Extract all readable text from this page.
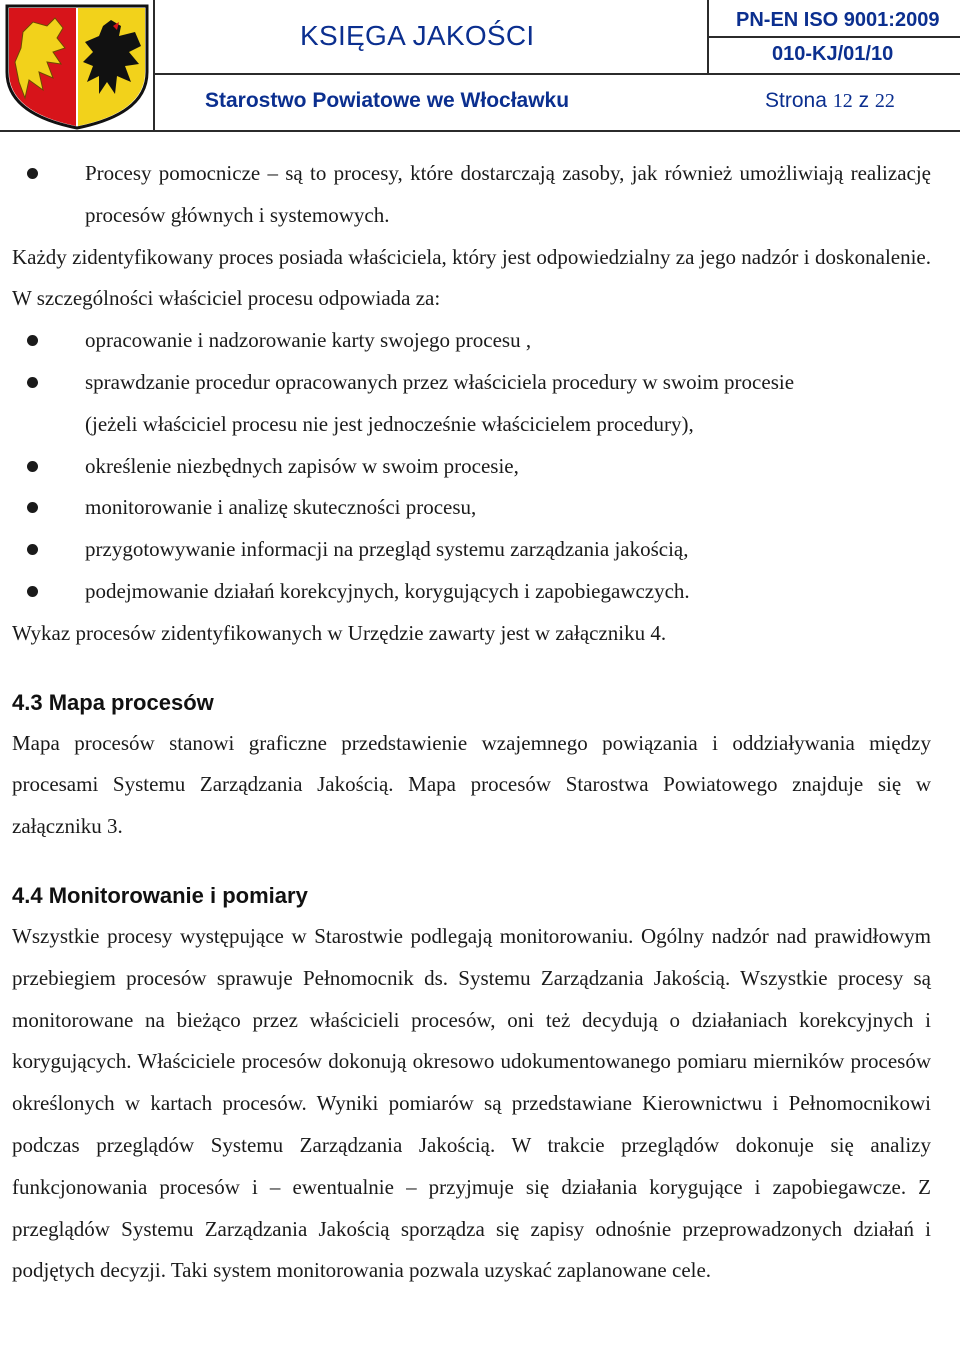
KSIĘGA JAKOŚCI	PN-EN ISO 9001:2009
010-KJ/01/10
Starostwo Powiatowe we Włocławku	Strona 12 z 22

Procesy pomocnicze – są to procesy, które dostarczają zasoby, jak również umożliwiają realizację procesów głównych i systemowych.

Każdy zidentyfikowany proces posiada właściciela, który jest odpowiedzialny za jego nadzór i doskonalenie. W szczególności właściciel procesu odpowiada za:

opracowanie i nadzorowanie karty swojego procesu ,

sprawdzanie procedur opracowanych przez właściciela procedury w swoim procesie

(jeżeli właściciel procesu nie jest jednocześnie właścicielem procedury),

określenie niezbędnych zapisów w swoim procesie,

monitorowanie i analizę skuteczności procesu,

przygotowywanie informacji na przegląd systemu zarządzania jakością,

podejmowanie działań korekcyjnych, korygujących i zapobiegawczych.

Wykaz procesów zidentyfikowanych w Urzędzie zawarty jest w załączniku 4.

4.3 Mapa procesów

Mapa procesów stanowi graficzne przedstawienie wzajemnego powiązania i oddziaływania między procesami Systemu Zarządzania Jakością. Mapa procesów Starostwa Powiatowego znajduje się w załączniku 3.

4.4 Monitorowanie i pomiary

Wszystkie procesy występujące w Starostwie podlegają monitorowaniu. Ogólny nadzór nad prawidłowym przebiegiem procesów sprawuje Pełnomocnik ds. Systemu Zarządzania Jakością. Wszystkie procesy są monitorowane na bieżąco przez właścicieli procesów, oni też decydują o działaniach korekcyjnych i korygujących. Właściciele procesów dokonują okresowo udokumentowanego pomiaru mierników procesów określonych w kartach procesów. Wyniki pomiarów są przedstawiane Kierownictwu i Pełnomocnikowi podczas przeglądów Systemu Zarządzania Jakością. W trakcie przeglądów dokonuje się analizy funkcjonowania procesów i – ewentualnie – przyjmuje się działania korygujące i zapobiegawcze. Z przeglądów Systemu Zarządzania Jakością sporządza się zapisy odnośnie przeprowadzonych działań i podjętych decyzji. Taki system monitorowania pozwala uzyskać zaplanowane cele.
